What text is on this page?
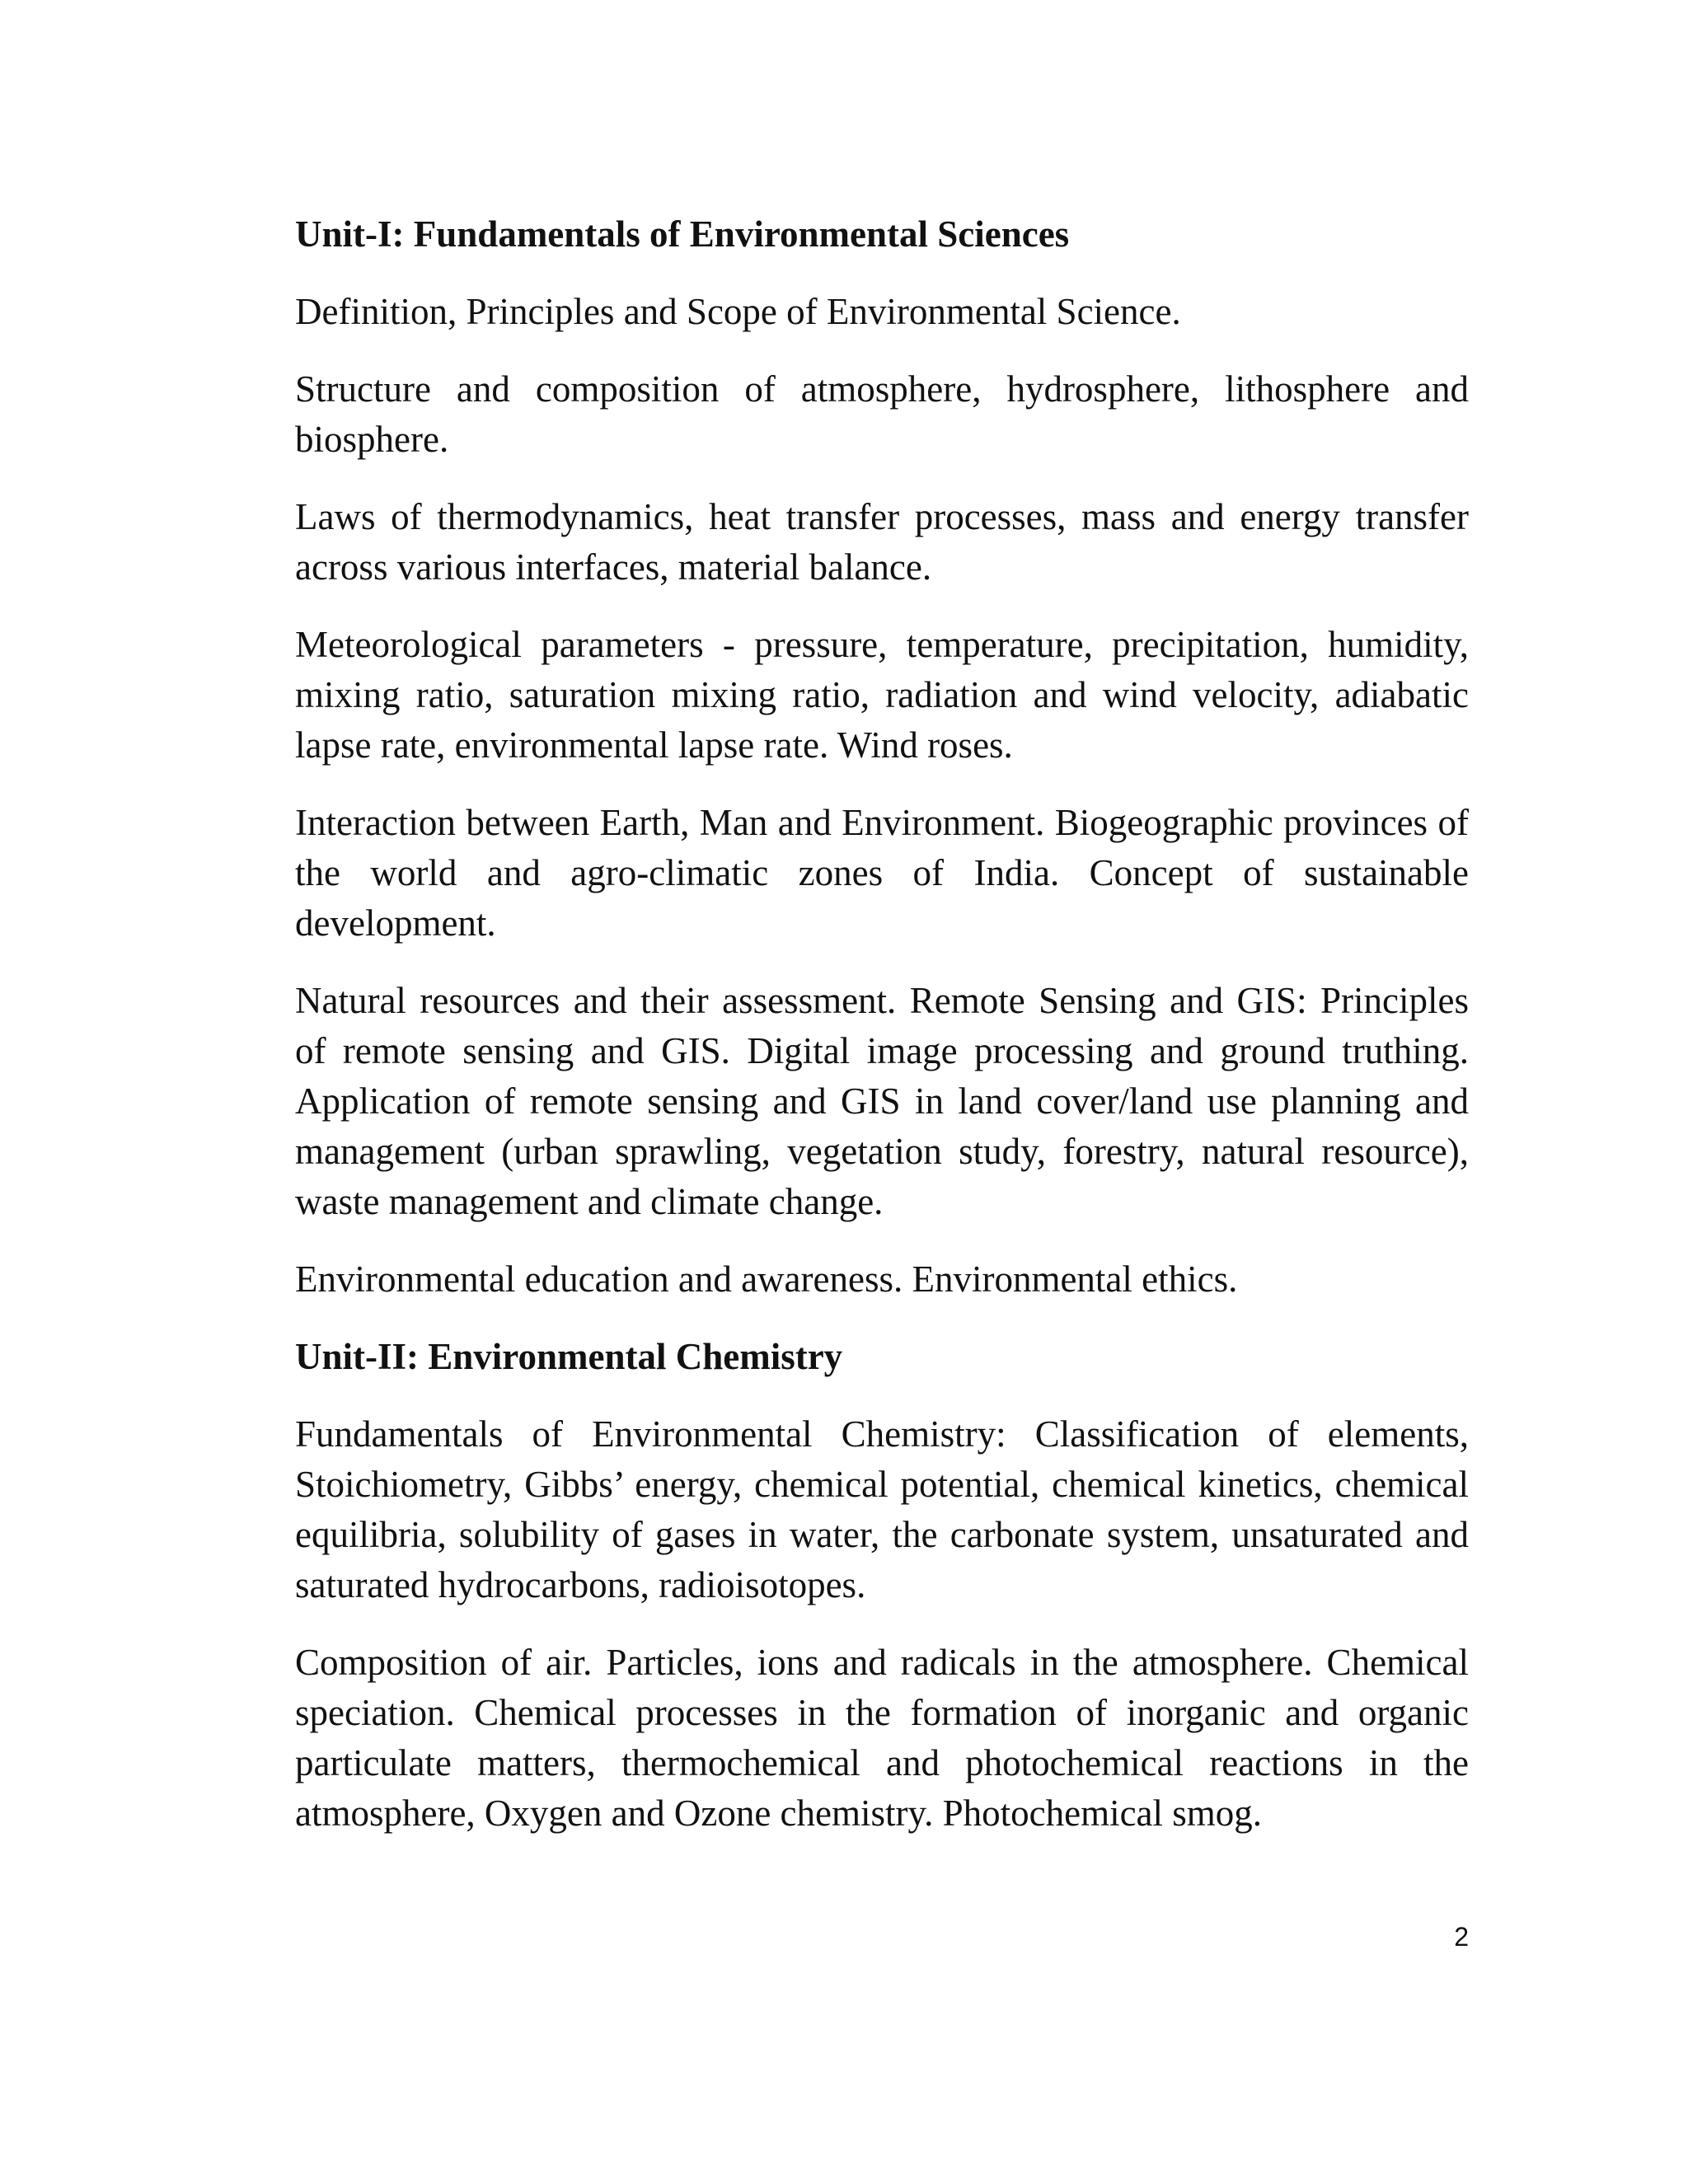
Unit-I: Fundamentals of Environmental Sciences

Definition, Principles and Scope of Environmental Science.

Structure and composition of atmosphere, hydrosphere, lithosphere and biosphere.

Laws of thermodynamics, heat transfer processes, mass and energy transfer across various interfaces, material balance.

Meteorological parameters - pressure, temperature, precipitation, humidity, mixing ratio, saturation mixing ratio, radiation and wind velocity, adiabatic lapse rate, environmental lapse rate. Wind roses.

Interaction between Earth, Man and Environment. Biogeographic provinces of the world and agro-climatic zones of India. Concept of sustainable development.

Natural resources and their assessment. Remote Sensing and GIS: Principles of remote sensing and GIS. Digital image processing and ground truthing. Application of remote sensing and GIS in land cover/land use planning and management (urban sprawling, vegetation study, forestry, natural resource), waste management and climate change.

Environmental education and awareness. Environmental ethics.

Unit-II: Environmental Chemistry

Fundamentals of Environmental Chemistry: Classification of elements, Stoichiometry, Gibbs’ energy, chemical potential, chemical kinetics, chemical equilibria, solubility of gases in water, the carbonate system, unsaturated and saturated hydrocarbons, radioisotopes.

Composition of air. Particles, ions and radicals in the atmosphere. Chemical speciation. Chemical processes in the formation of inorganic and organic particulate matters, thermochemical and photochemical reactions in the atmosphere, Oxygen and Ozone chemistry. Photochemical smog.

2
